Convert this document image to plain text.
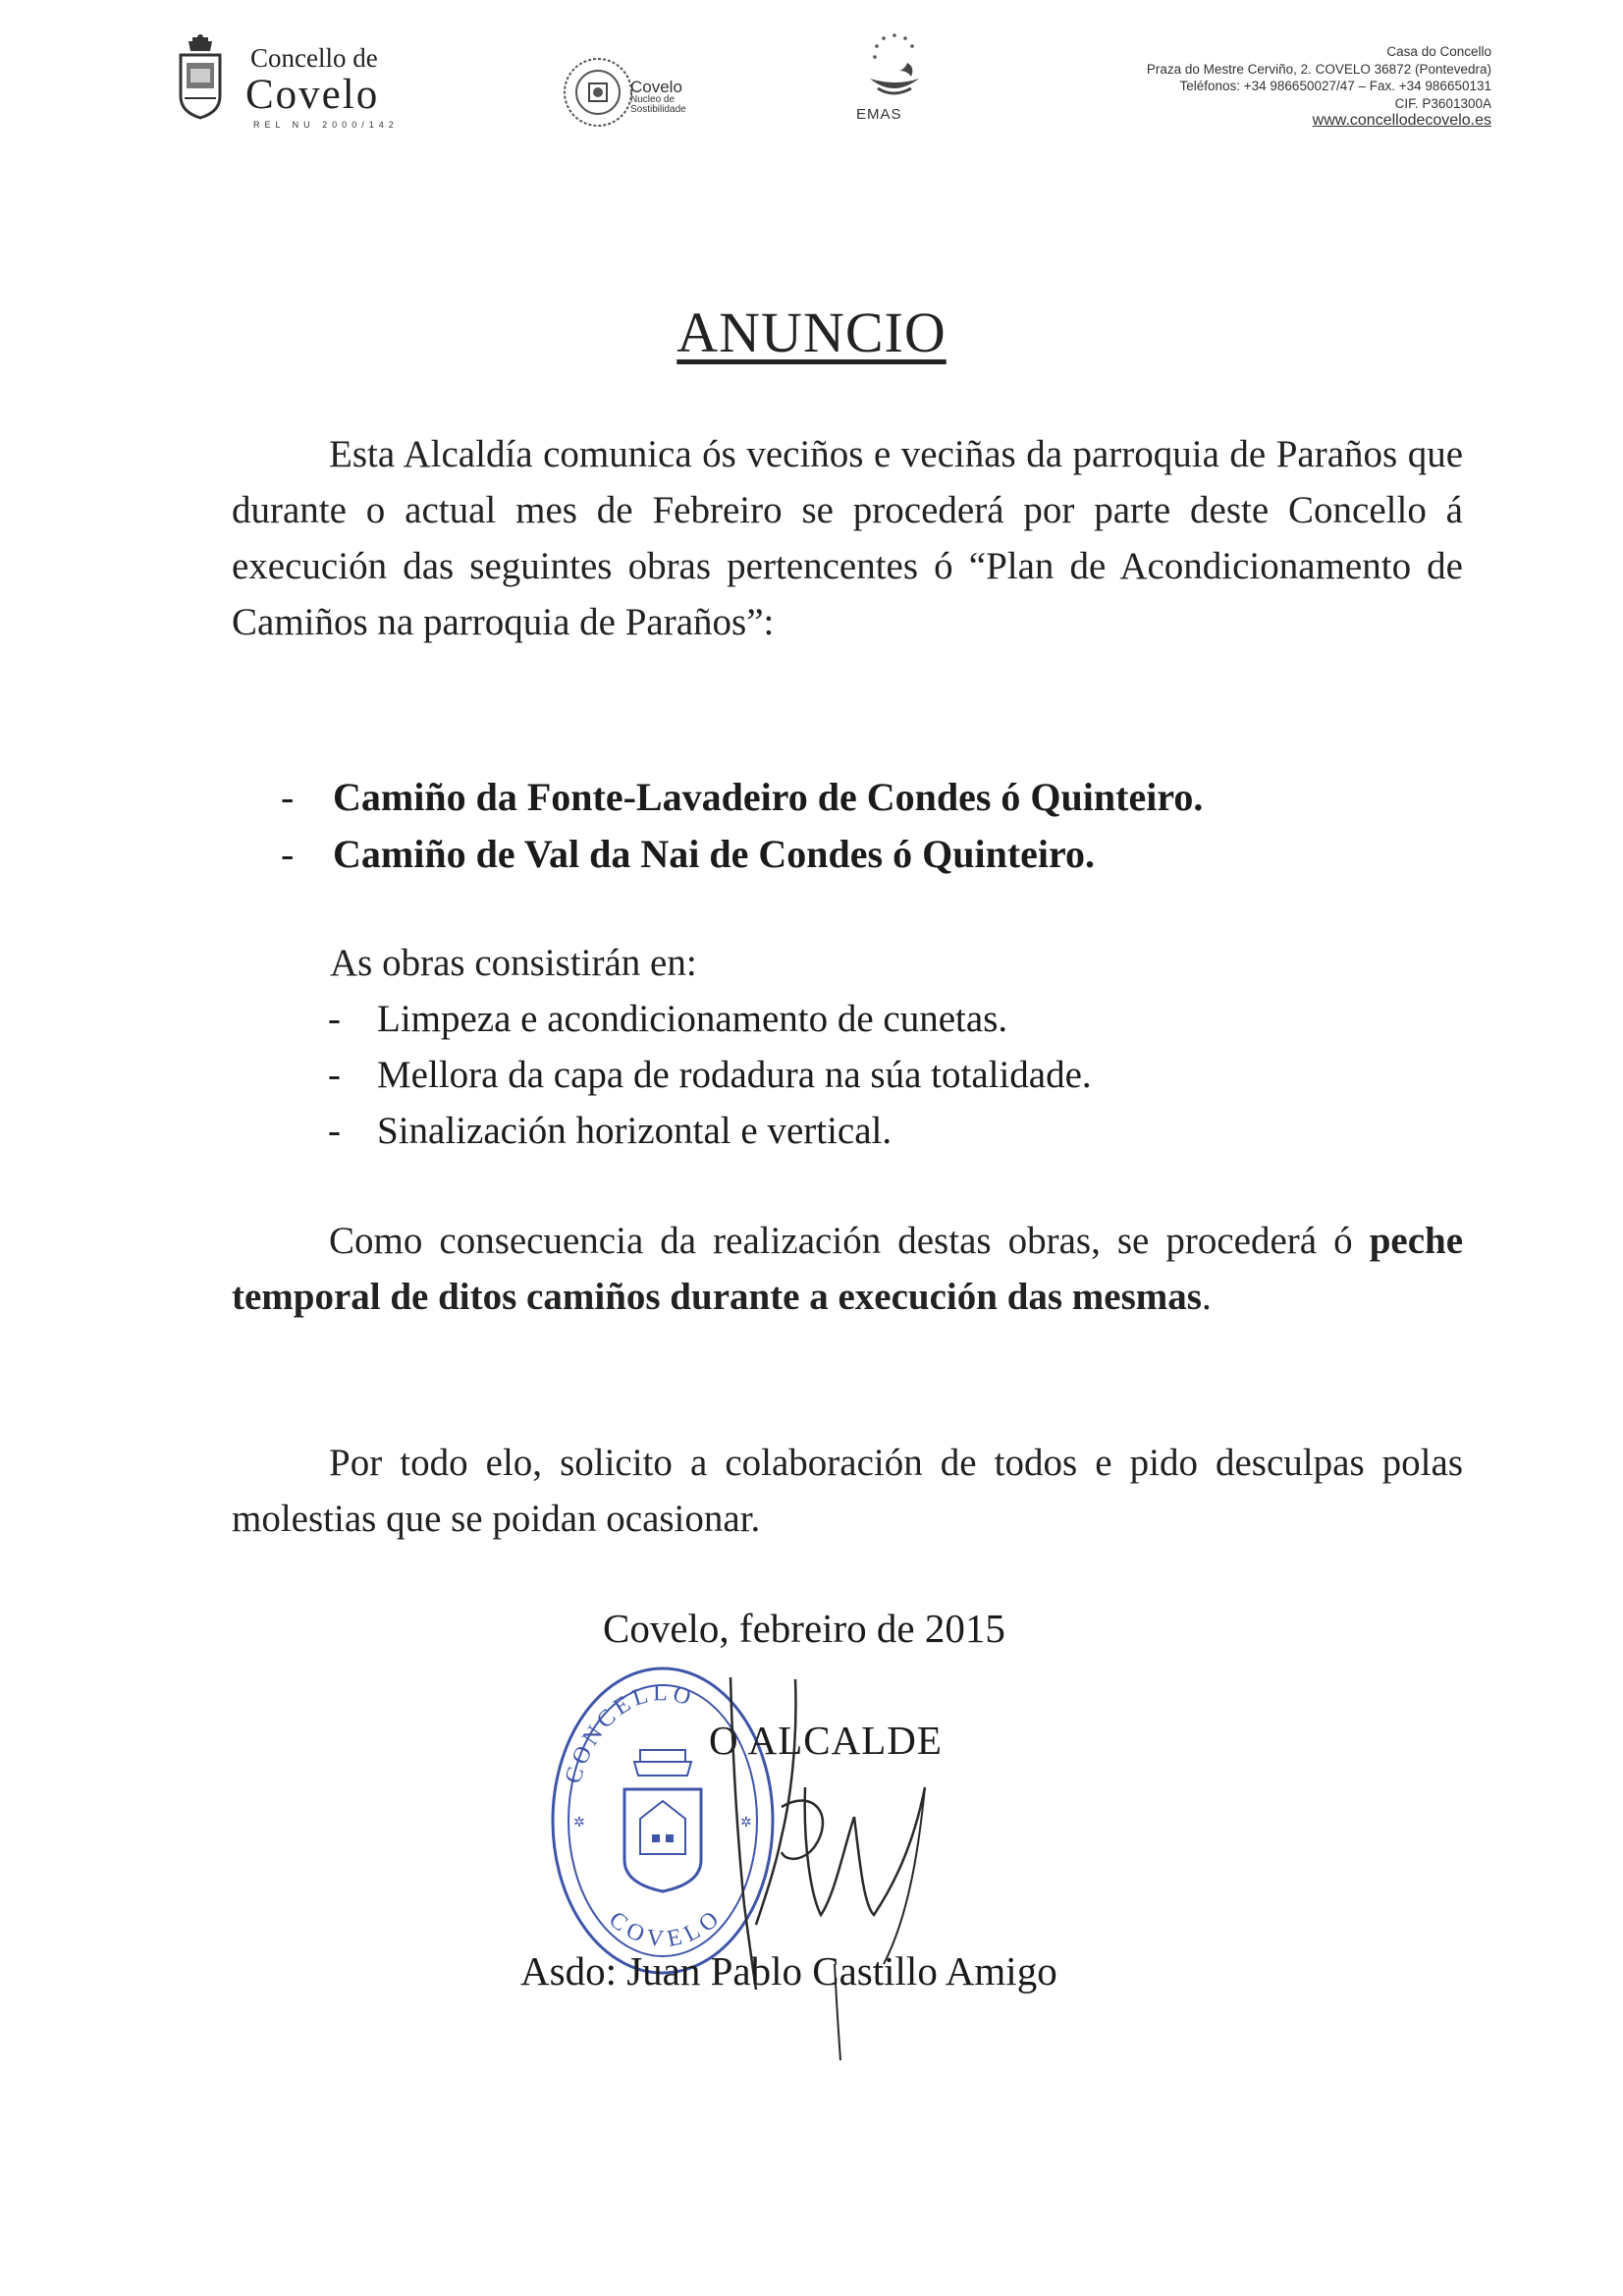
Concello de
Covelo
REL NU 2000/142
Covelo
Nucleo de
Sostibilidade	EMAS
Casa do Concello
Praza do Mestre Cerviño, 2. COVELO 36872 (Pontevedra)
Teléfonos: +34 986650027/47 – Fax. +34 986650131
CIF. P3601300A
www.concellodecovelo.es
ANUNCIO
Esta Alcaldía comunica ós veciños e veciñas da parroquia de Paraños que durante o actual mes de Febreiro se procederá por parte deste Concello á execución das seguintes obras pertencentes ó “Plan de Acondicionamento de Camiños na parroquia de Paraños”:
- Camiño da Fonte-Lavadeiro de Condes ó Quinteiro.
- Camiño de Val da Nai de Condes ó Quinteiro.
As obras consistirán en:
- Limpeza e acondicionamento de cunetas.
- Mellora da capa de rodadura na súa totalidade.
- Sinalización horizontal e vertical.
Como consecuencia da realización destas obras, se procederá ó peche temporal de ditos camiños durante a execución das mesmas.
Por todo elo, solicito a colaboración de todos e pido desculpas polas molestias que se poidan ocasionar.
CONCELLO
COVELO
✲	✲
Covelo, febreiro de 2015
O ALCALDE
Asdo: Juan Pablo Castillo Amigo
